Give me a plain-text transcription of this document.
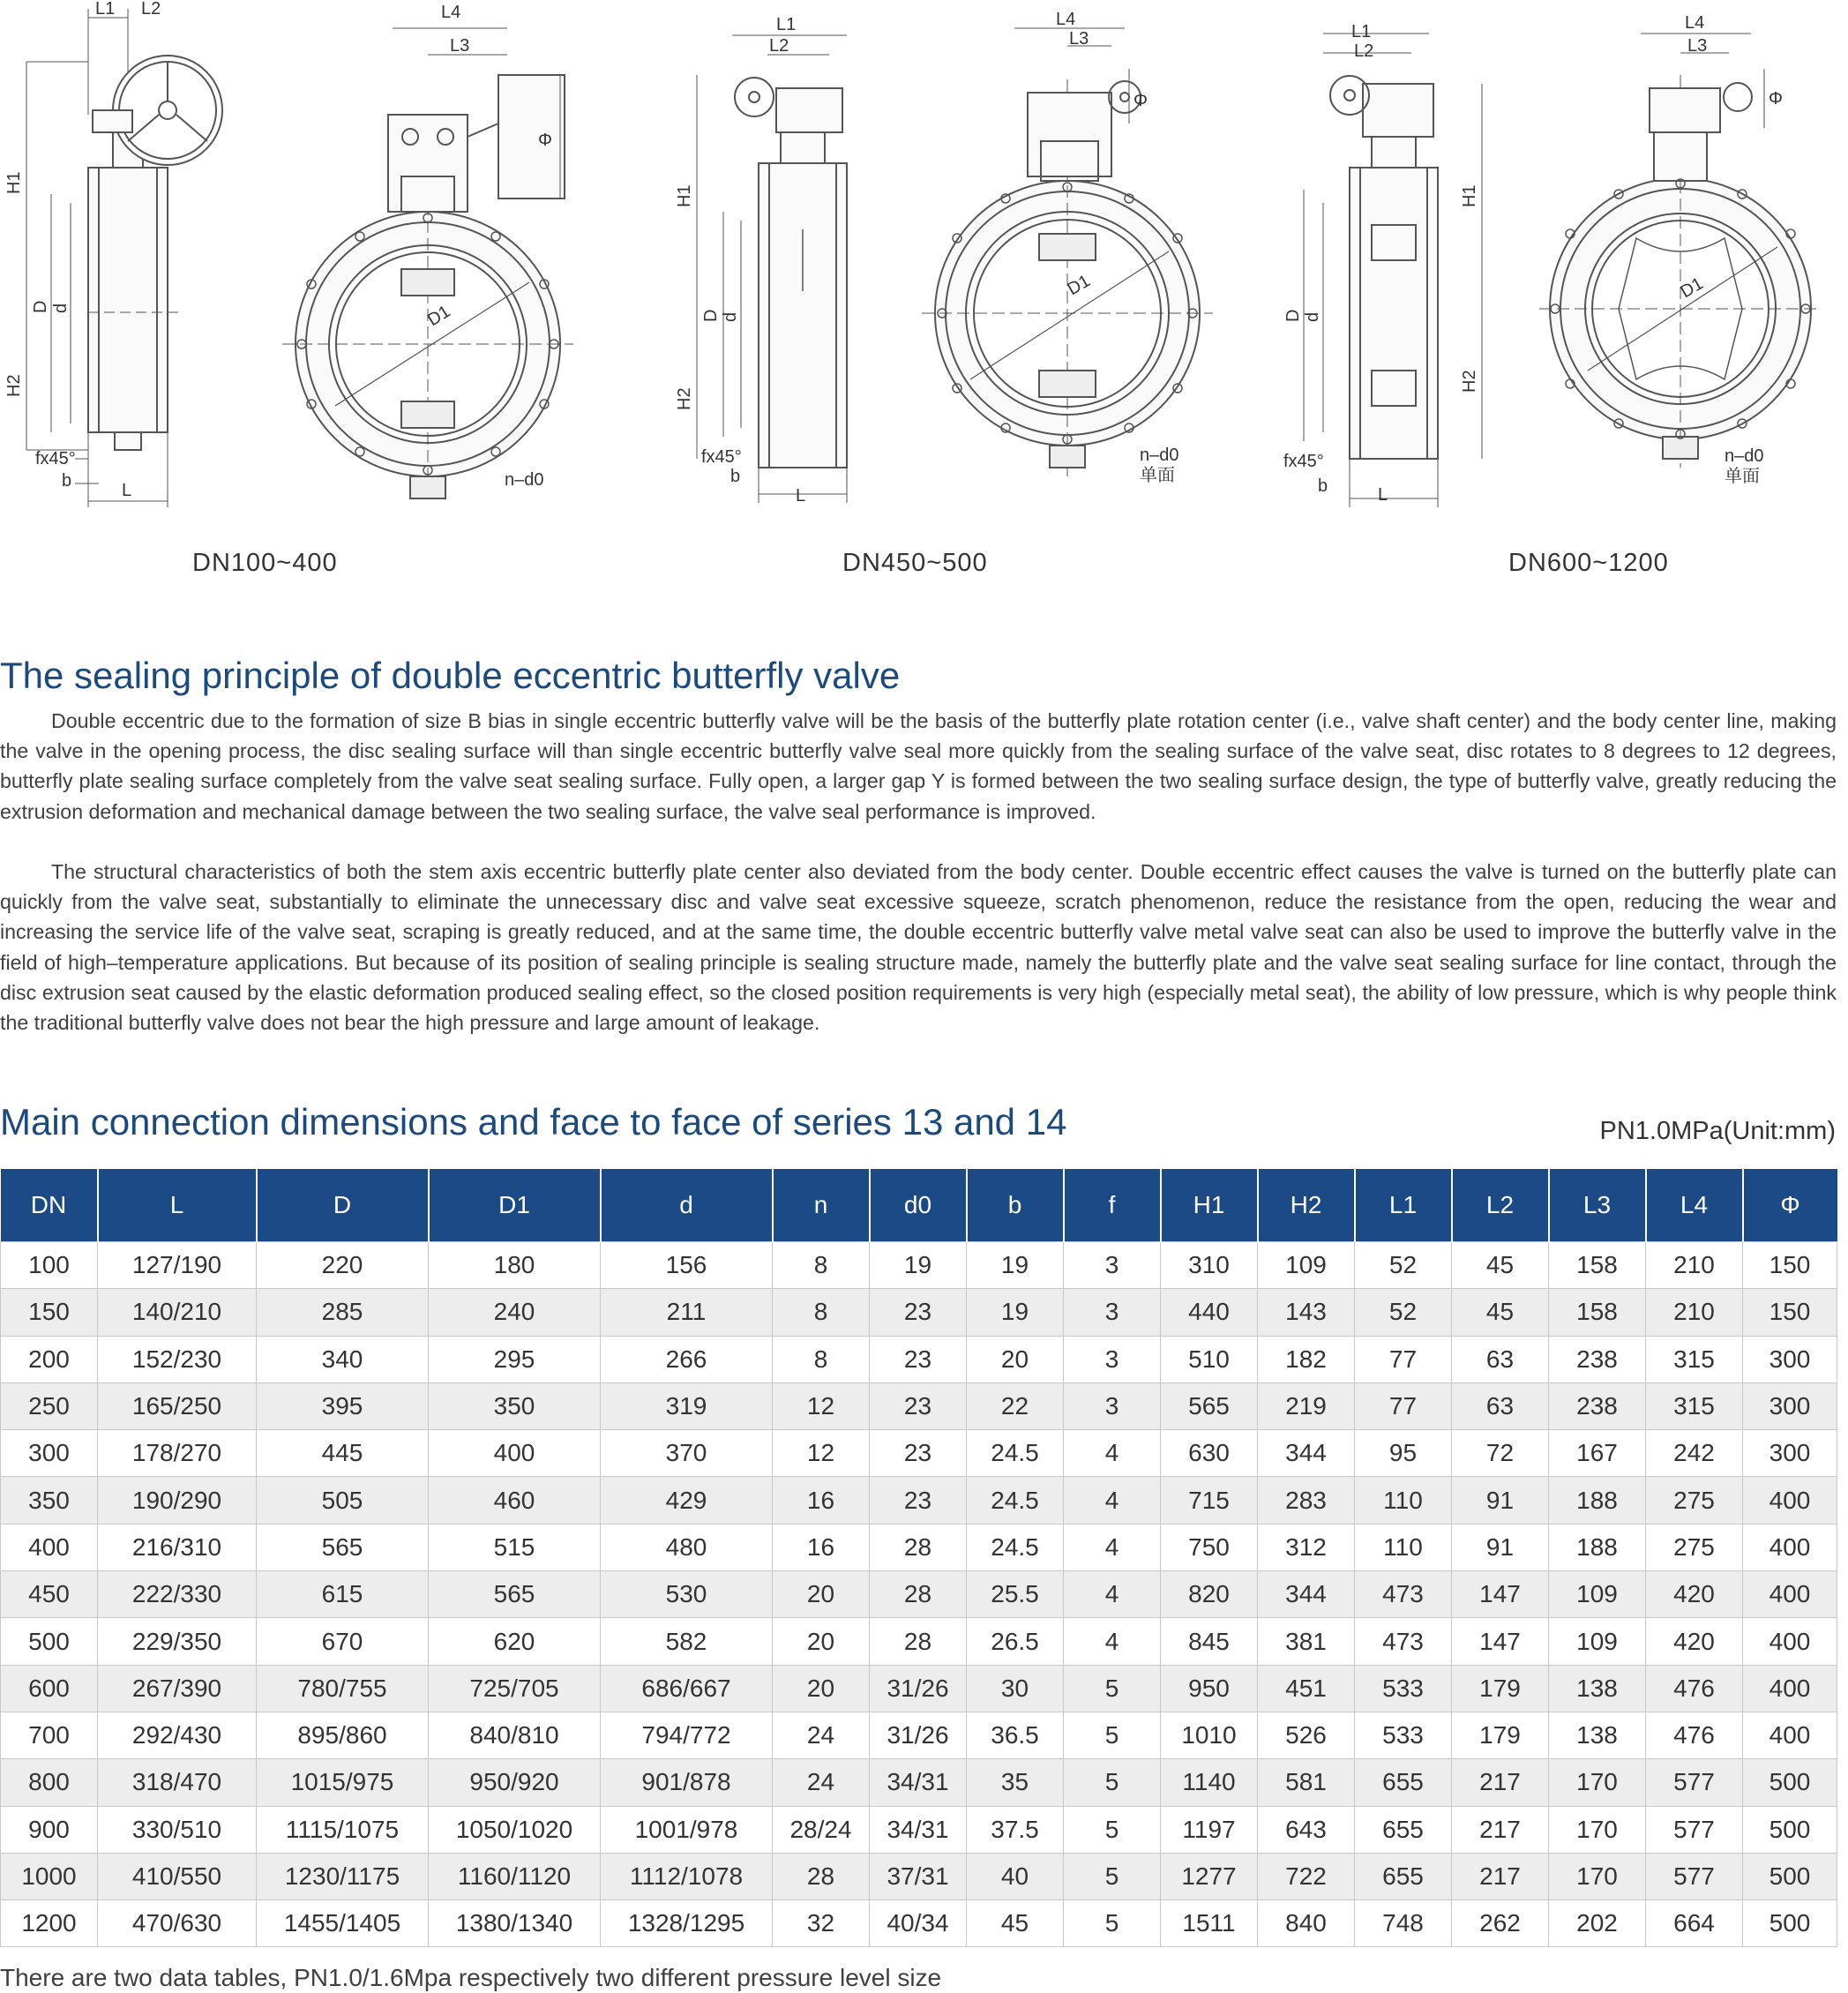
L1 L2
H1
H2
D d
fx45°
b	L
L4
L3
Φ
D1
n–d0
L1
L2
H1
H2
D d
fx45°
b
L
L4
L3
Φ
D1
n–d0
单面
L1
L2
H1
H2
D d
fx45°
b	L
L4
L3
Φ
D1
n–d0
单面
DN100~400	DN450~500	DN600~1200
The sealing principle of double eccentric butterfly valve

Double eccentric due to the formation of size B bias in single eccentric butterfly valve will be the basis of the butterfly plate rotation center (i.e., valve shaft center) and the body center line, making the valve in the opening process, the disc sealing surface will than single eccentric butterfly valve seal more quickly from the sealing surface of the valve seat, disc rotates to 8 degrees to 12 degrees, butterfly plate sealing surface completely from the valve seat sealing surface. Fully open, a larger gap Y is formed between the two sealing surface design, the type of butterfly valve, greatly reducing the extrusion deformation and mechanical damage between the two sealing surface, the valve seal performance is improved.

The structural characteristics of both the stem axis eccentric butterfly plate center also deviated from the body center. Double eccentric effect causes the valve is turned on the butterfly plate can quickly from the valve seat, substantially to eliminate the unnecessary disc and valve seat excessive squeeze, scratch phenomenon, reduce the resistance from the open, reducing the wear and increasing the service life of the valve seat, scraping is greatly reduced, and at the same time, the double eccentric butterfly valve metal valve seat can also be used to improve the butterfly valve in the field of high–temperature applications. But because of its position of sealing principle is sealing structure made, namely the butterfly plate and the valve seat sealing surface for line contact, through the disc extrusion seat caused by the elastic deformation produced sealing effect, so the closed position requirements is very high (especially metal seat), the ability of low pressure, which is why people think the traditional butterfly valve does not bear the high pressure and large amount of leakage.

Main connection dimensions and face to face of series 13 and 14	PN1.0MPa(Unit:mm)
DN	L	D	D1	d	n	d0	b	f	H1	H2	L1	L2	L3	L4	Φ
100	127/190	220	180	156	8	19	19	3	310	109	52	45	158	210	150
150	140/210	285	240	211	8	23	19	3	440	143	52	45	158	210	150
200	152/230	340	295	266	8	23	20	3	510	182	77	63	238	315	300
250	165/250	395	350	319	12	23	22	3	565	219	77	63	238	315	300
300	178/270	445	400	370	12	23	24.5	4	630	344	95	72	167	242	300
350	190/290	505	460	429	16	23	24.5	4	715	283	110	91	188	275	400
400	216/310	565	515	480	16	28	24.5	4	750	312	110	91	188	275	400
450	222/330	615	565	530	20	28	25.5	4	820	344	473	147	109	420	400
500	229/350	670	620	582	20	28	26.5	4	845	381	473	147	109	420	400
600	267/390	780/755	725/705	686/667	20	31/26	30	5	950	451	533	179	138	476	400
700	292/430	895/860	840/810	794/772	24	31/26	36.5	5	1010	526	533	179	138	476	400
800	318/470	1015/975	950/920	901/878	24	34/31	35	5	1140	581	655	217	170	577	500
900	330/510	1115/1075	1050/1020	1001/978	28/24	34/31	37.5	5	1197	643	655	217	170	577	500
1000	410/550	1230/1175	1160/1120	1112/1078	28	37/31	40	5	1277	722	655	217	170	577	500
1200	470/630	1455/1405	1380/1340	1328/1295	32	40/34	45	5	1511	840	748	262	202	664	500
There are two data tables, PN1.0/1.6Mpa respectively two different pressure level size
